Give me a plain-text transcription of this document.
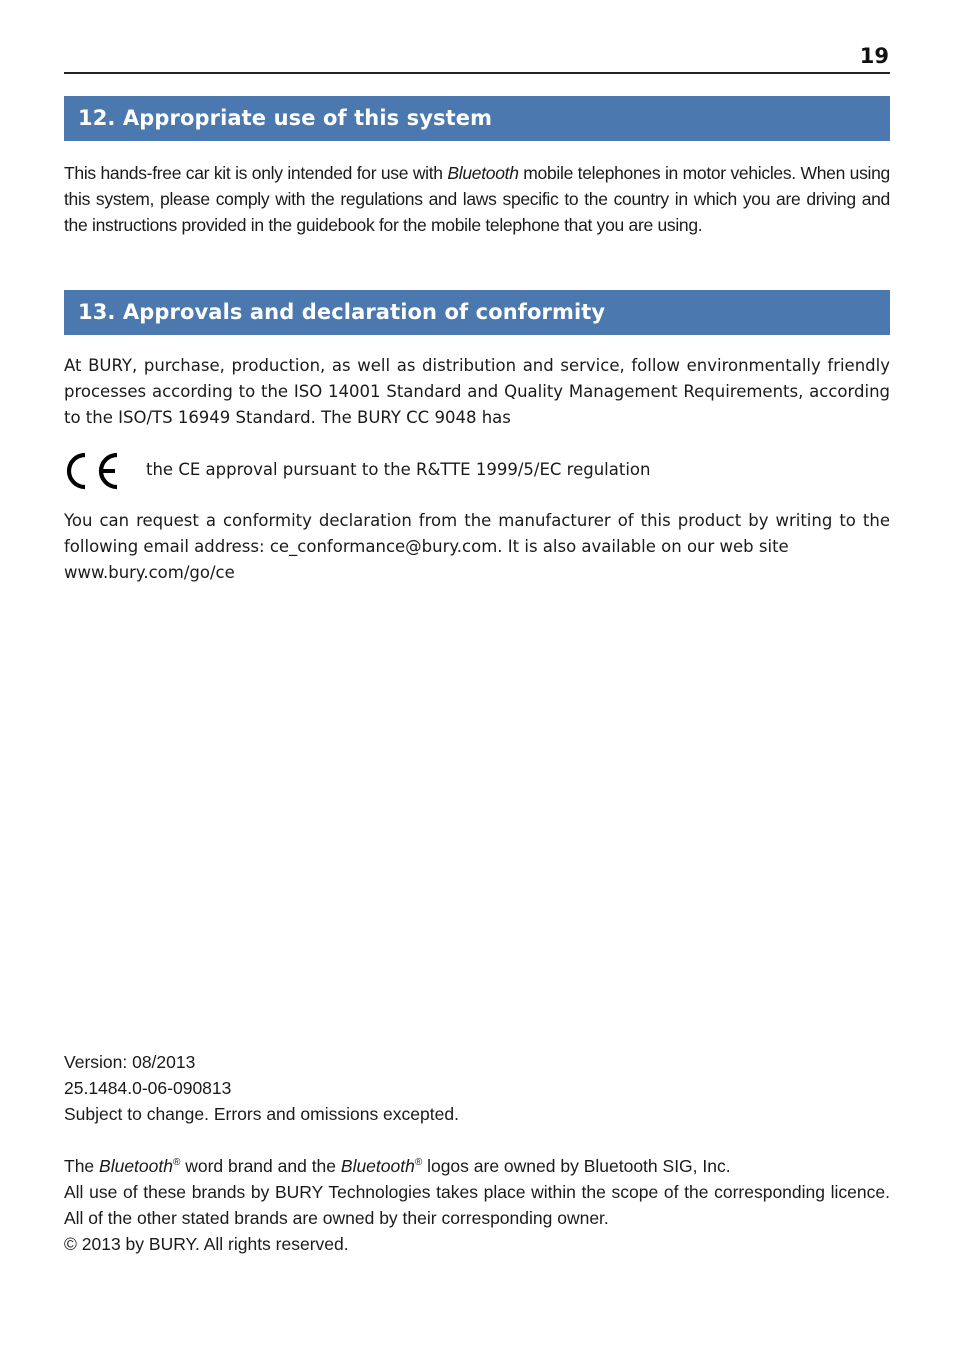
19
12. Appropriate use of this system

This hands-free car kit is only intended for use with Bluetooth mobile telephones in motor vehicles. When using this system, please comply with the regulations and laws specific to the country in which you are driving and the instructions provided in the guidebook for the mobile telephone that you are using.

13. Approvals and declaration of conformity

At BURY, purchase, production, as well as distribution and service, follow environmentally friendly processes according to the ISO 14001 Standard and Quality Management Requirements, according to the ISO/TS 16949 Standard. The BURY CC 9048 has

the CE approval pursuant to the R&TTE 1999/5/EC regulation

You can request a conformity declaration from the manufacturer of this product by writing to the following email address: ce_conformance@bury.com. It is also available on our web site
www.bury.com/go/ce

Version: 08/2013
25.1484.0-06-090813
Subject to change. Errors and omissions excepted.
The Bluetooth® word brand and the Bluetooth® logos are owned by Bluetooth SIG, Inc.

All use of these brands by BURY Technologies takes place within the scope of the corresponding licence. All of the other stated brands are owned by their corresponding owner.

© 2013 by BURY. All rights reserved.
